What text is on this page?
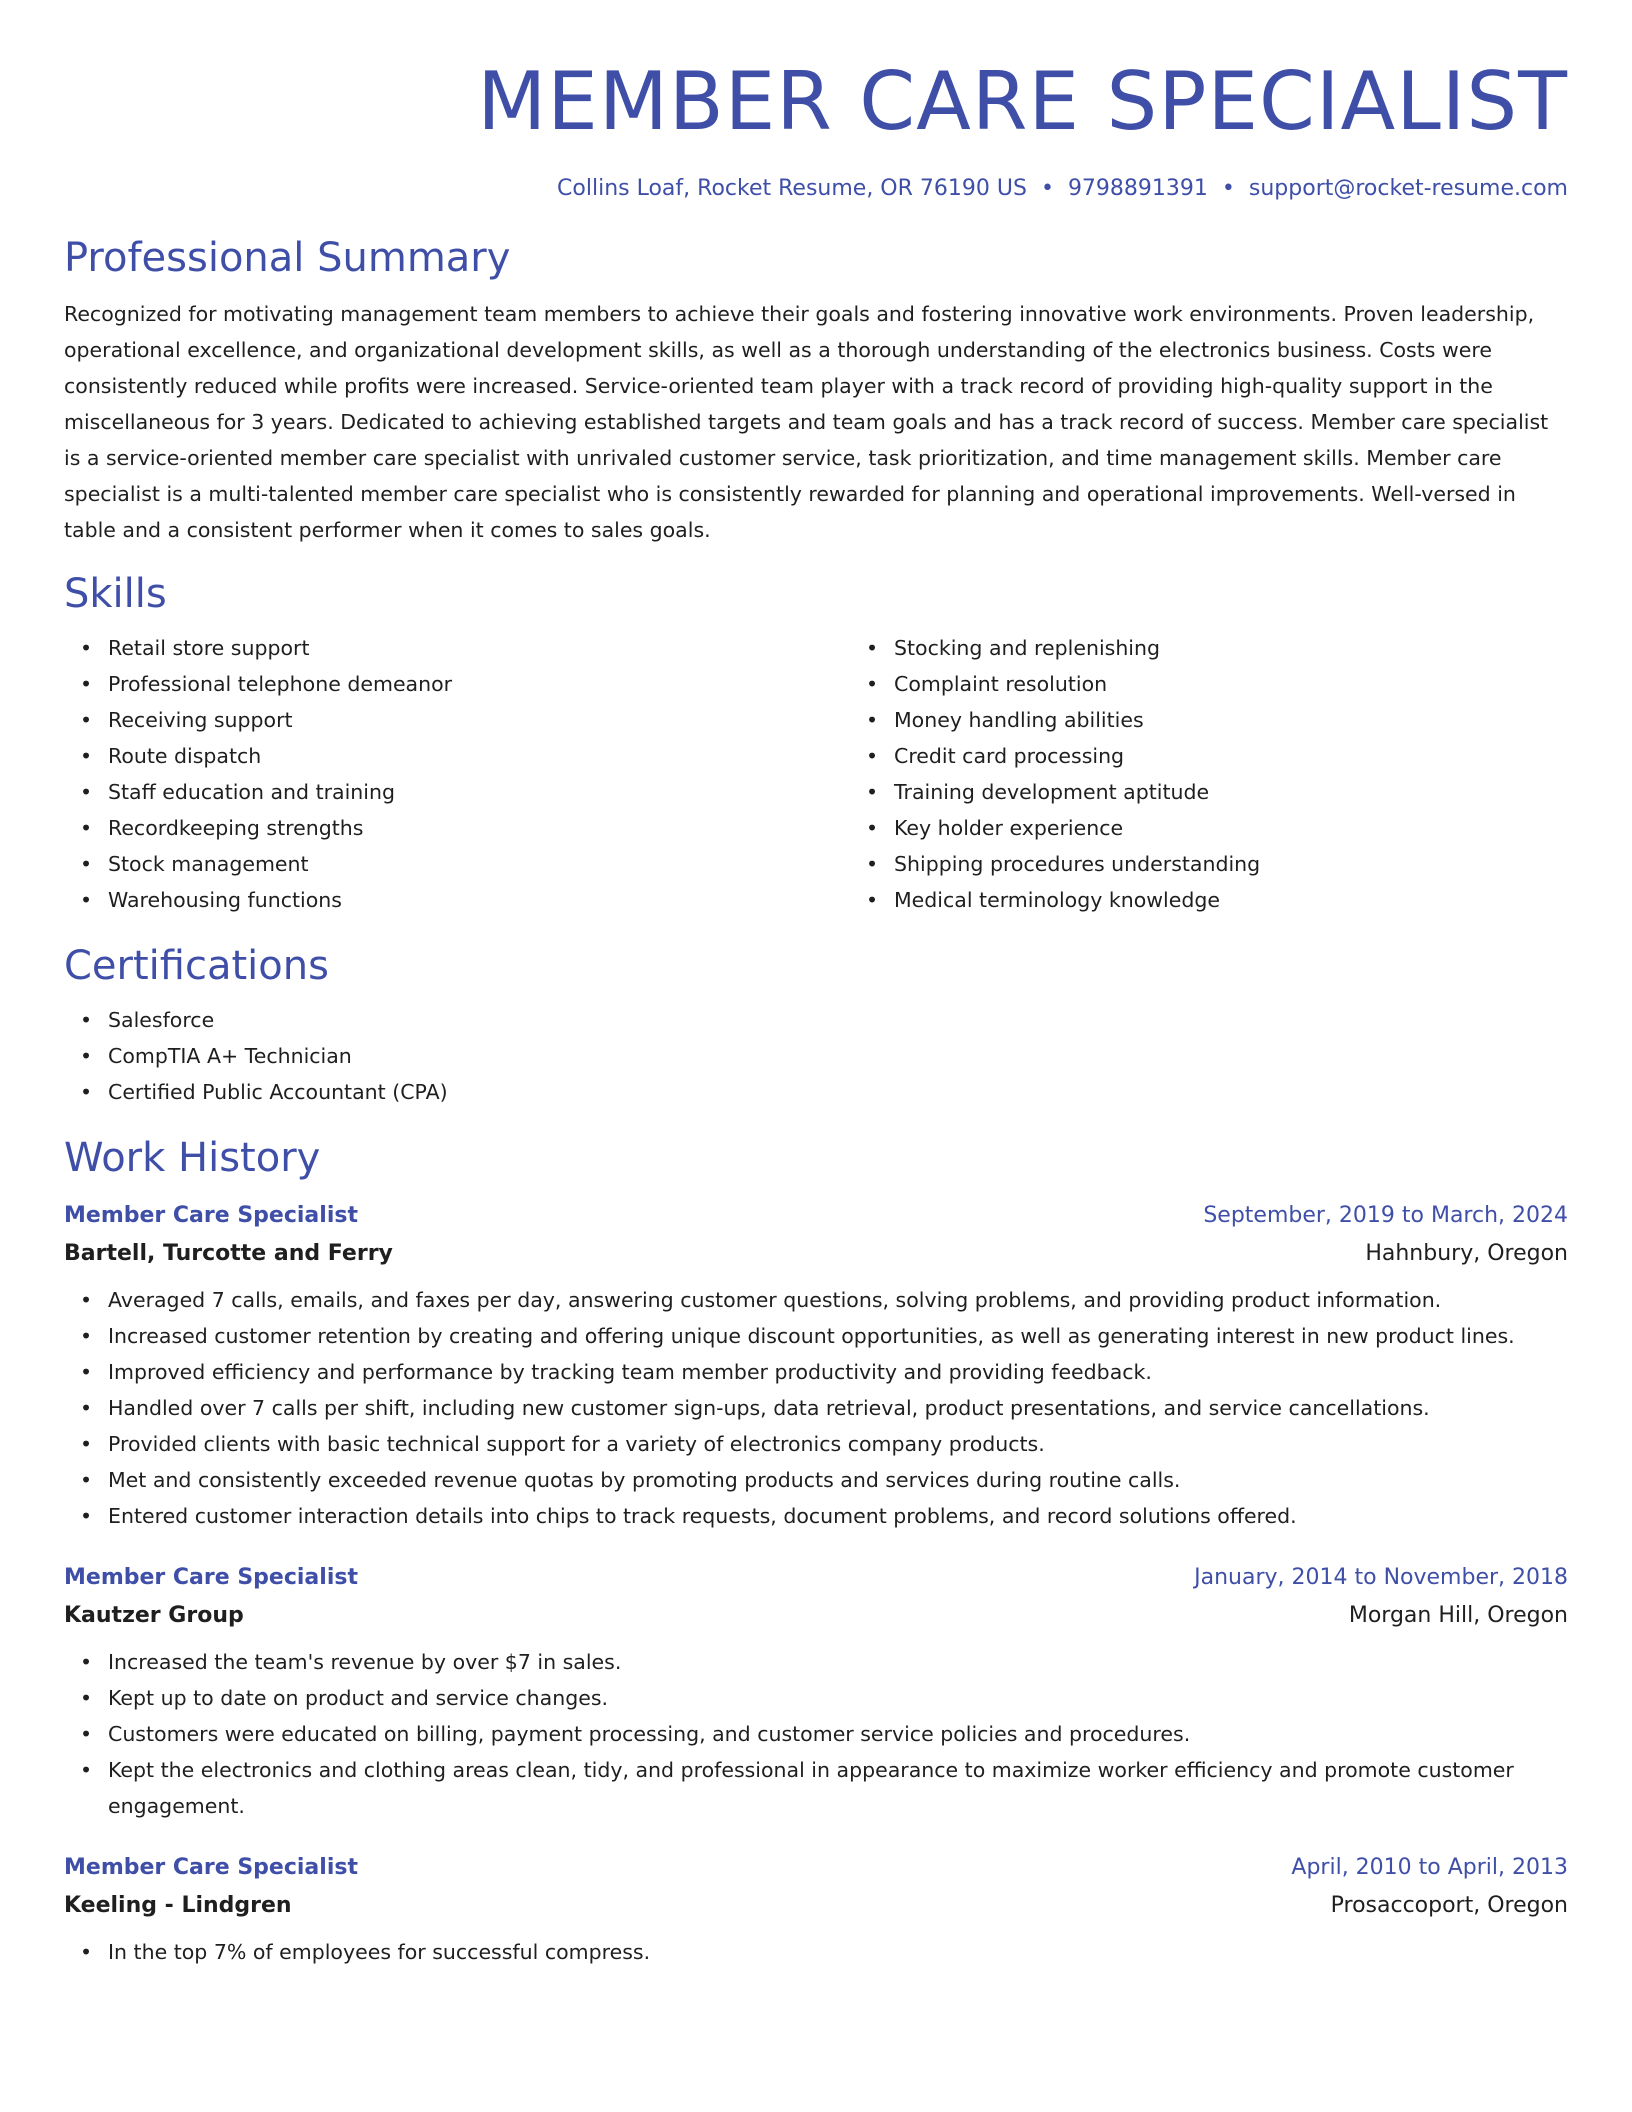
MEMBER CARE SPECIALIST
Collins Loaf, Rocket Resume, OR 76190 US • 9798891391 • support@rocket-resume.com
Professional Summary
Recognized for motivating management team members to achieve their goals and fostering innovative work environments. Proven leadership, operational excellence, and organizational development skills, as well as a thorough understanding of the electronics business. Costs were consistently reduced while profits were increased. Service-oriented team player with a track record of providing high-quality support in the miscellaneous for 3 years. Dedicated to achieving established targets and team goals and has a track record of success. Member care specialist is a service-oriented member care specialist with unrivaled customer service, task prioritization, and time management skills. Member care specialist is a multi-talented member care specialist who is consistently rewarded for planning and operational improvements. Well-versed in table and a consistent performer when it comes to sales goals.
Skills
• Retail store support
• Professional telephone demeanor
• Receiving support
• Route dispatch
• Staff education and training
• Recordkeeping strengths
• Stock management
• Warehousing functions
• Stocking and replenishing
• Complaint resolution
• Money handling abilities
• Credit card processing
• Training development aptitude
• Key holder experience
• Shipping procedures understanding
• Medical terminology knowledge
Certifications
• Salesforce
• CompTIA A+ Technician
• Certified Public Accountant (CPA)
Work History
Member Care Specialist	September, 2019 to March, 2024
Bartell, Turcotte and Ferry	Hahnbury, Oregon
• Averaged 7 calls, emails, and faxes per day, answering customer questions, solving problems, and providing product information.
• Increased customer retention by creating and offering unique discount opportunities, as well as generating interest in new product lines.
• Improved efficiency and performance by tracking team member productivity and providing feedback.
• Handled over 7 calls per shift, including new customer sign-ups, data retrieval, product presentations, and service cancellations.
• Provided clients with basic technical support for a variety of electronics company products.
• Met and consistently exceeded revenue quotas by promoting products and services during routine calls.
• Entered customer interaction details into chips to track requests, document problems, and record solutions offered.
Member Care Specialist	January, 2014 to November, 2018
Kautzer Group	Morgan Hill, Oregon
• Increased the team's revenue by over $7 in sales.
• Kept up to date on product and service changes.
• Customers were educated on billing, payment processing, and customer service policies and procedures.
• Kept the electronics and clothing areas clean, tidy, and professional in appearance to maximize worker efficiency and promote customer engagement.
Member Care Specialist	April, 2010 to April, 2013
Keeling - Lindgren	Prosaccoport, Oregon
• In the top 7% of employees for successful compress.
